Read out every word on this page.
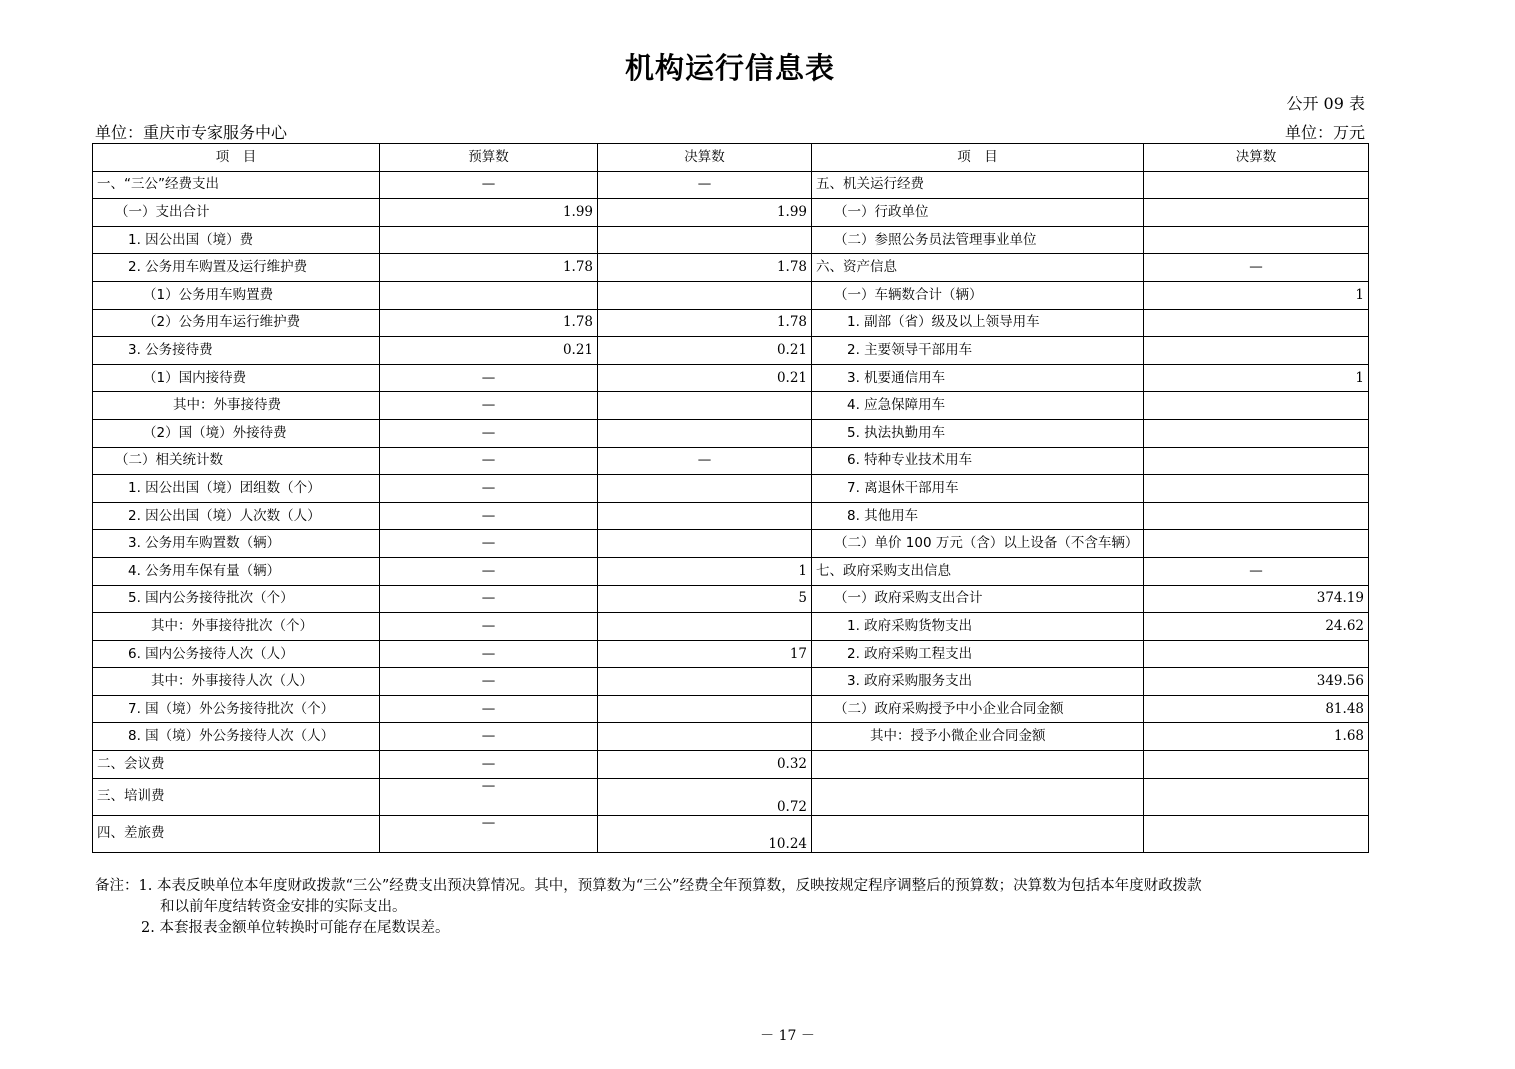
机构运行信息表
公开 09 表
单位：重庆市专家服务中心	单位：万元
项　目	预算数	决算数	项　目	决算数
一、“三公”经费支出	—	—	五、机关运行经费	
（一）支出合计	1.99	1.99	（一）行政单位	
1. 因公出国（境）费			（二）参照公务员法管理事业单位	
2. 公务用车购置及运行维护费	1.78	1.78	六、资产信息	—
（1）公务用车购置费			（一）车辆数合计（辆）	1
（2）公务用车运行维护费	1.78	1.78	1. 副部（省）级及以上领导用车	
3. 公务接待费	0.21	0.21	2. 主要领导干部用车	
（1）国内接待费	—	0.21	3. 机要通信用车	1
其中：外事接待费	—		4. 应急保障用车	
（2）国（境）外接待费	—		5. 执法执勤用车	
（二）相关统计数	—	—	6. 特种专业技术用车	
1. 因公出国（境）团组数（个）	—		7. 离退休干部用车	
2. 因公出国（境）人次数（人）	—		8. 其他用车	
3. 公务用车购置数（辆）	—		（二）单价 100 万元（含）以上设备（不含车辆）	
4. 公务用车保有量（辆）	—	1	七、政府采购支出信息	—
5. 国内公务接待批次（个）	—	5	（一）政府采购支出合计	374.19
其中：外事接待批次（个）	—		1. 政府采购货物支出	24.62
6. 国内公务接待人次（人）	—	17	2. 政府采购工程支出	
其中：外事接待人次（人）	—		3. 政府采购服务支出	349.56
7. 国（境）外公务接待批次（个）	—		（二）政府采购授予中小企业合同金额	81.48
8. 国（境）外公务接待人次（人）	—		其中：授予小微企业合同金额	1.68
二、会议费	—	0.32		
三、培训费	—	0.72		
四、差旅费	—	10.24		
备注：1. 本表反映单位本年度财政拨款“三公”经费支出预决算情况。其中，预算数为“三公”经费全年预算数，反映按规定程序调整后的预算数；决算数为包括本年度财政拨款
和以前年度结转资金安排的实际支出。
2. 本套报表金额单位转换时可能存在尾数误差。
－ 17 －
